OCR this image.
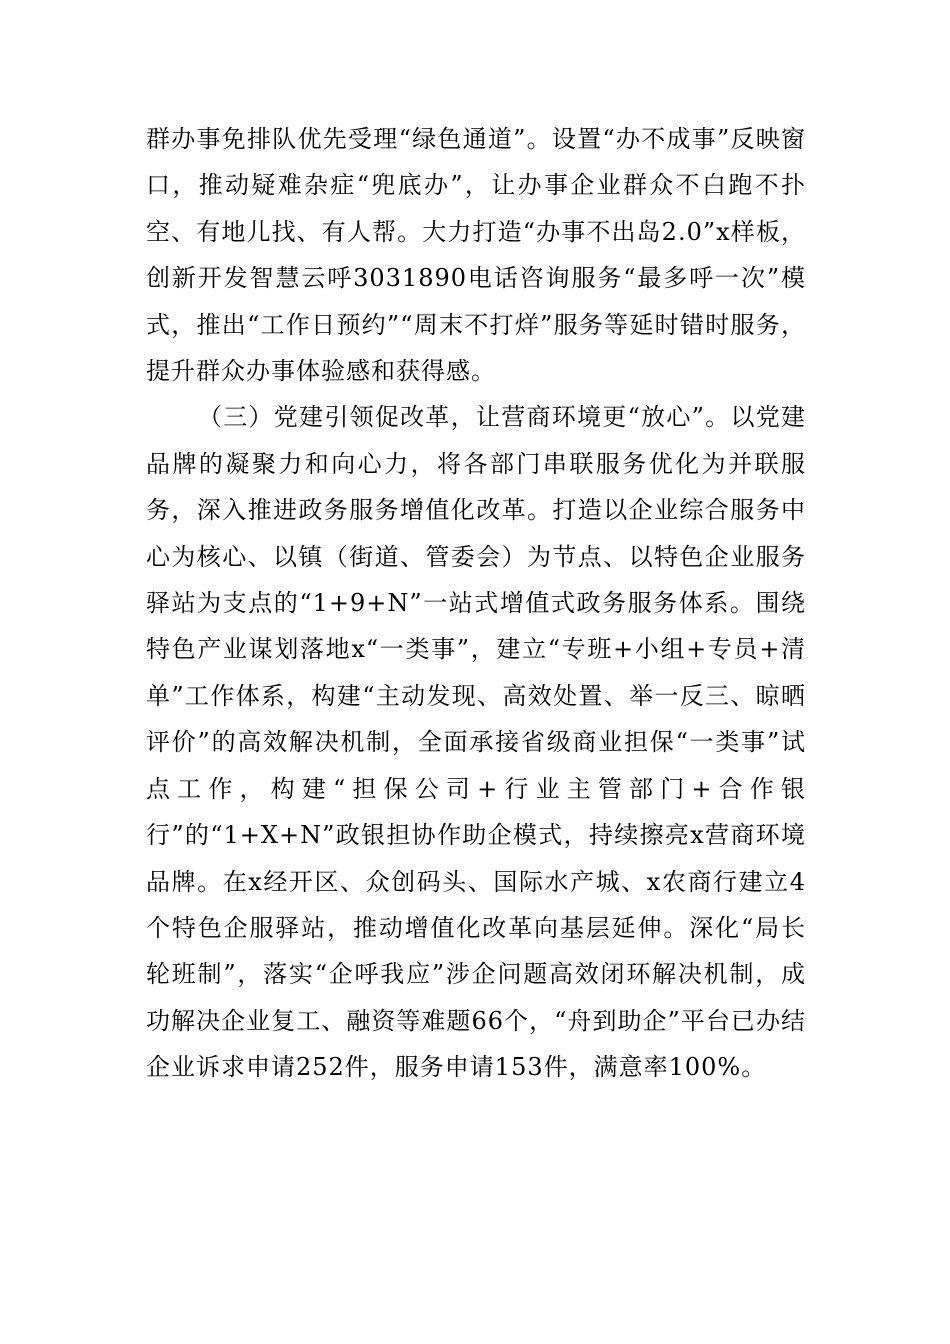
群办事免排队优先受理“绿色通道”。设置“办不成事”反映窗口，推动疑难杂症“兜底办”，让办事企业群众不白跑不扑空、有地儿找、有人帮。大力打造“办事不出岛2.0”x样板，创新开发智慧云呼3031890电话咨询服务“最多呼一次”模式，推出“工作日预约”“周末不打烊”服务等延时错时服务，提升群众办事体验感和获得感。

（三）党建引领促改革，让营商环境更“放心”。以党建品牌的凝聚力和向心力，将各部门串联服务优化为并联服务，深入推进政务服务增值化改革。打造以企业综合服务中心为核心、以镇（街道、管委会）为节点、以特色企业服务驿站为支点的“1+9+N”一站式增值式政务服务体系。围绕特色产业谋划落地x“一类事”，建立“专班+小组+专员+清单”工作体系，构建“主动发现、高效处置、举一反三、晾晒评价”的高效解决机制，全面承接省级商业担保“一类事”试点工作，构建“担保公司+行业主管部门+合作银行”的“1+X+N”政银担协作助企模式，持续擦亮x营商环境品牌。在x经开区、众创码头、国际水产城、x农商行建立4个特色企服驿站，推动增值化改革向基层延伸。深化“局长轮班制”，落实“企呼我应”涉企问题高效闭环解决机制，成功解决企业复工、融资等难题66个，“舟到助企”平台已办结企业诉求申请252件，服务申请153件，满意率100%。
